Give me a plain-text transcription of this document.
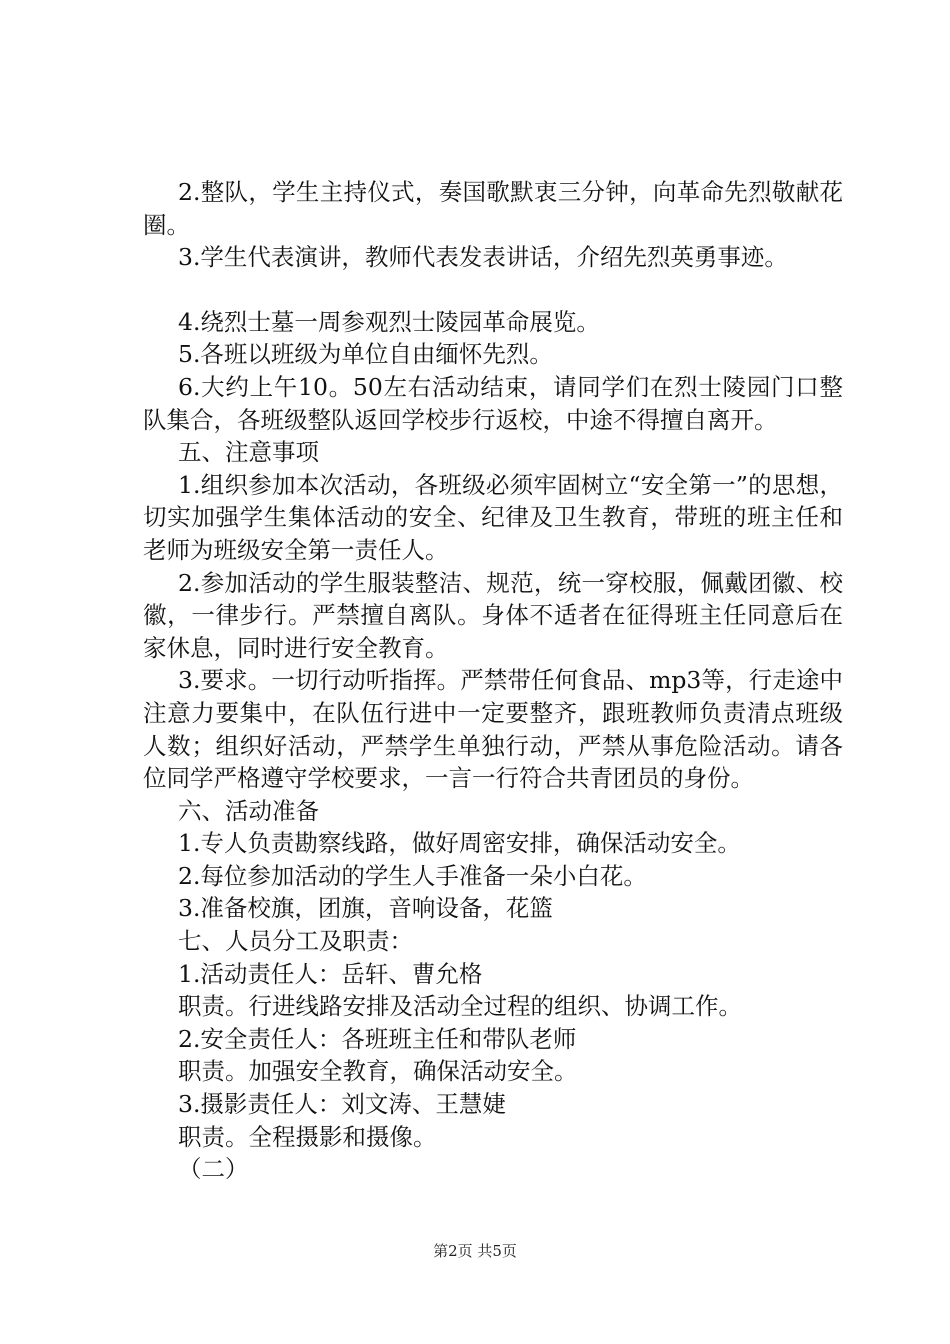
2.整队，学生主持仪式，奏国歌默衷三分钟，向革命先烈敬献花圈。

3.学生代表演讲，教师代表发表讲话，介绍先烈英勇事迹。

4.绕烈士墓一周参观烈士陵园革命展览。

5.各班以班级为单位自由缅怀先烈。

6.大约上午10。50左右活动结束，请同学们在烈士陵园门口整队集合，各班级整队返回学校步行返校，中途不得擅自离开。

五、注意事项

1.组织参加本次活动，各班级必须牢固树立“安全第一”的思想，切实加强学生集体活动的安全、纪律及卫生教育，带班的班主任和老师为班级安全第一责任人。

2.参加活动的学生服装整洁、规范，统一穿校服，佩戴团徽、校徽，一律步行。严禁擅自离队。身体不适者在征得班主任同意后在家休息，同时进行安全教育。

3.要求。一切行动听指挥。严禁带任何食品、mp3等，行走途中注意力要集中，在队伍行进中一定要整齐，跟班教师负责清点班级人数；组织好活动，严禁学生单独行动，严禁从事危险活动。请各位同学严格遵守学校要求，一言一行符合共青团员的身份。

六、活动准备

1.专人负责勘察线路，做好周密安排，确保活动安全。

2.每位参加活动的学生人手准备一朵小白花。

3.准备校旗，团旗，音响设备，花篮

七、人员分工及职责：

1.活动责任人：岳轩、曹允格

职责。行进线路安排及活动全过程的组织、协调工作。

2.安全责任人：各班班主任和带队老师

职责。加强安全教育，确保活动安全。

3.摄影责任人：刘文涛、王慧婕

职责。全程摄影和摄像。

（二）

第2页 共5页
